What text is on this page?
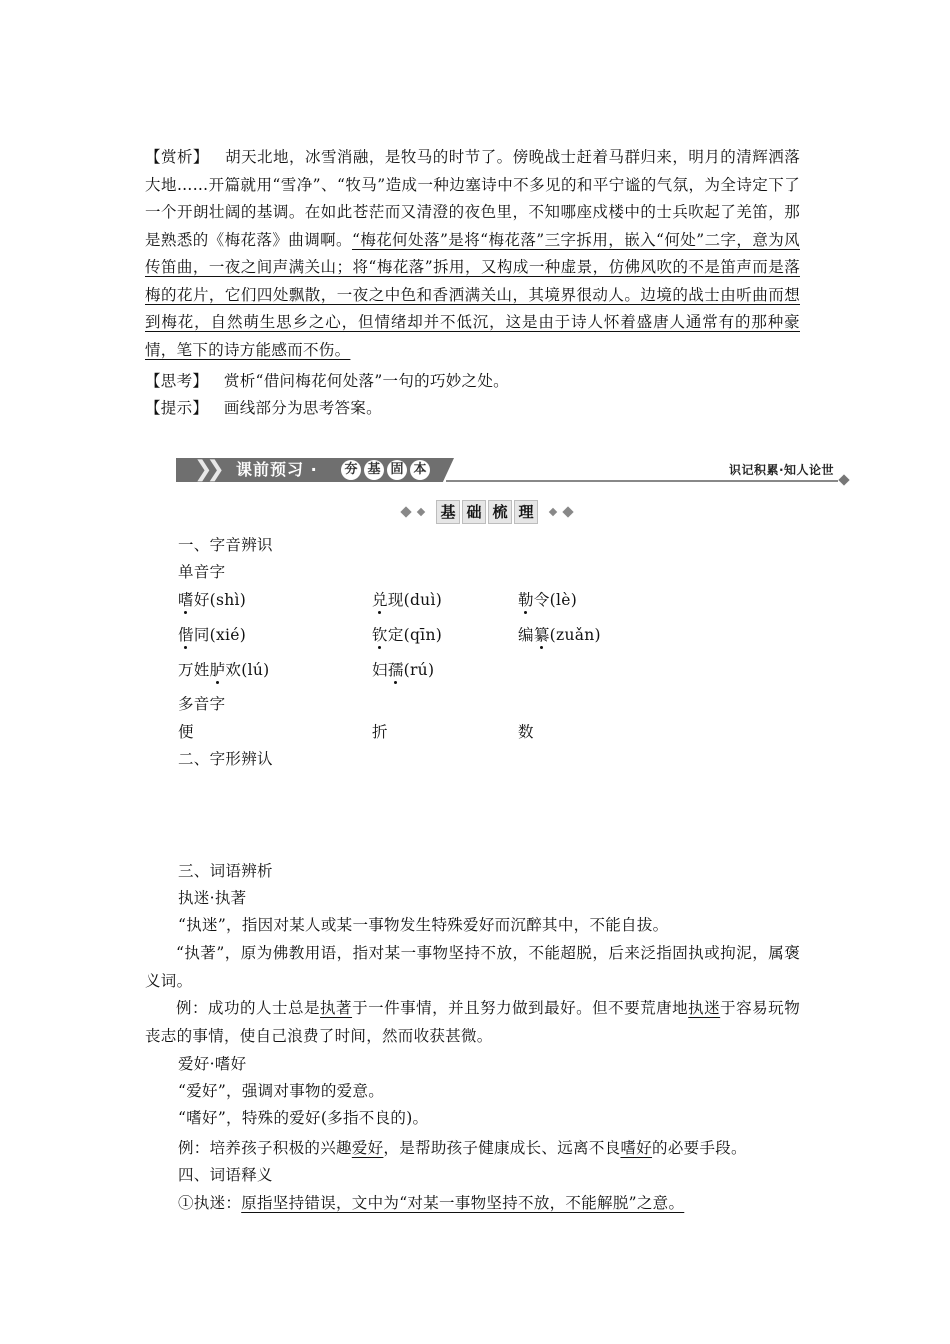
【赏析】 胡天北地，冰雪消融，是牧马的时节了。傍晚战士赶着马群归来，明月的清辉洒落大地……开篇就用“雪净”、“牧马”造成一种边塞诗中不多见的和平宁谧的气氛，为全诗定下了一个开朗壮阔的基调。在如此苍茫而又清澄的夜色里，不知哪座戍楼中的士兵吹起了羌笛，那是熟悉的《梅花落》曲调啊。“梅花何处落”是将“梅花落”三字拆用，嵌入“何处”二字，意为风传笛曲，一夜之间声满关山；将“梅花落”拆用，又构成一种虚景，仿佛风吹的不是笛声而是落梅的花片，它们四处飘散，一夜之中色和香洒满关山，其境界很动人。边境的战士由听曲而想到梅花，自然萌生思乡之心，但情绪却并不低沉，这是由于诗人怀着盛唐人通常有的那种豪情，笔下的诗方能感而不伤。
【思考】 赏析“借问梅花何处落”一句的巧妙之处。
【提示】 画线部分为思考答案。
❯❯ 课前预习 · 夯 基 固 本	识记积累·知人论世
基 础 梳 理
一、字音辨识
单音字
嗜好(shì)	兑现(duì)	勒令(lè)
偕同(xié)	钦定(qīn)	编纂(zuǎn)
万姓胪欢(lú)	妇孺(rú)
多音字
便	折	数
二、字形辨认
三、词语辨析
执迷·执著
“执迷”，指因对某人或某一事物发生特殊爱好而沉醉其中，不能自拔。
“执著”，原为佛教用语，指对某一事物坚持不放，不能超脱，后来泛指固执或拘泥，属褒义词。
例：成功的人士总是执著于一件事情，并且努力做到最好。但不要荒唐地执迷于容易玩物丧志的事情，使自己浪费了时间，然而收获甚微。
爱好·嗜好
“爱好”，强调对事物的爱意。
“嗜好”，特殊的爱好(多指不良的)。
例：培养孩子积极的兴趣爱好，是帮助孩子健康成长、远离不良嗜好的必要手段。
四、词语释义
①执迷：原指坚持错误，文中为“对某一事物坚持不放，不能解脱”之意。
